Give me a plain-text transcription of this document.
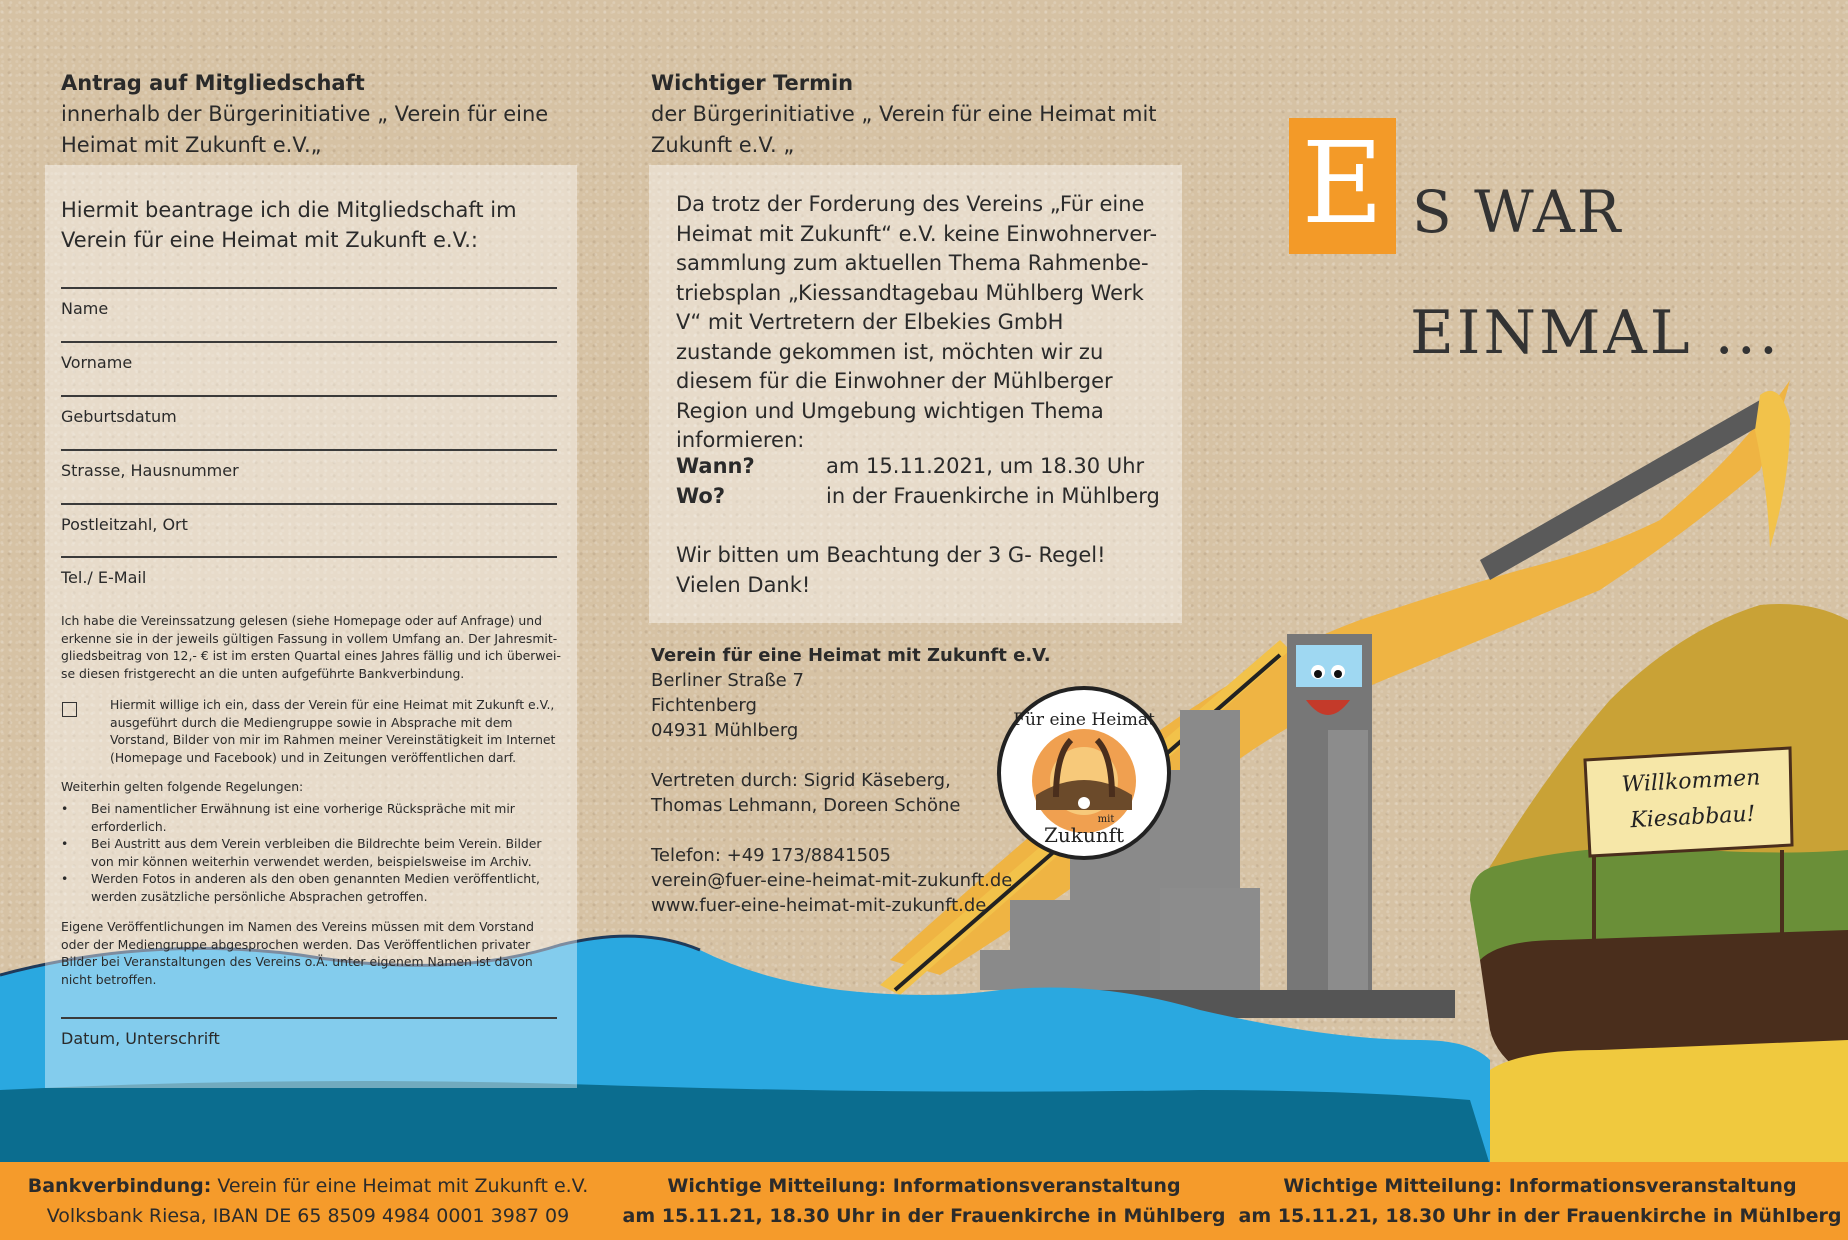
Antrag auf Mitgliedschaft
innerhalb der Bürgerinitiative „ Verein für eine Heimat mit Zukunft e.V.„
Hiermit beantrage ich die Mitgliedschaft im Verein für eine Heimat mit Zukunft e.V.:
Name
Vorname
Geburtsdatum
Strasse, Hausnummer
Postleitzahl, Ort
Tel./ E-Mail
Ich habe die Vereinssatzung gelesen (siehe Homepage oder auf Anfrage) und erkenne sie in der jeweils gültigen Fassung in vollem Umfang an. Der Jahresmit-gliedsbeitrag von 12,- € ist im ersten Quartal eines Jahres fällig und ich überwei-se diesen fristgerecht an die unten aufgeführte Bankverbindung.
Hiermit willige ich ein, dass der Verein für eine Heimat mit Zukunft e.V., ausgeführt durch die Mediengruppe sowie in Absprache mit dem Vorstand, Bilder von mir im Rahmen meiner Vereinstätigkeit im Internet (Homepage und Facebook) und in Zeitungen veröffentlichen darf.
Weiterhin gelten folgende Regelungen:
• Bei namentlicher Erwähnung ist eine vorherige Rückspräche mit mir erforderlich.
• Bei Austritt aus dem Verein verbleiben die Bildrechte beim Verein. Bilder von mir können weiterhin verwendet werden, beispielsweise im Archiv.
• Werden Fotos in anderen als den oben genannten Medien veröffentlicht, werden zusätzliche persönliche Absprachen getroffen.
Eigene Veröffentlichungen im Namen des Vereins müssen mit dem Vorstand oder der Mediengruppe abgesprochen werden. Das Veröffentlichen privater Bilder bei Veranstaltungen des Vereins o.Ä. unter eigenem Namen ist davon nicht betroffen.
Datum, Unterschrift
Wichtiger Termin
der Bürgerinitiative „ Verein für eine Heimat mit Zukunft e.V. „
Da trotz der Forderung des Vereins „Für eine Heimat mit Zukunft“ e.V. keine Einwohnerver-sammlung zum aktuellen Thema Rahmenbe-triebsplan „Kiessandtagebau Mühlberg Werk V“ mit Vertretern der Elbekies GmbH zustande gekommen ist, möchten wir zu diesem für die Einwohner der Mühlberger Region und Umgebung wichtigen Thema informieren:
Wann?	am 15.11.2021, um 18.30 Uhr
Wo?	in der Frauenkirche in Mühlberg
Wir bitten um Beachtung der 3 G- Regel!
Vielen Dank!
Verein für eine Heimat mit Zukunft e.V.
Berliner Straße 7
Fichtenberg
04931 Mühlberg
Vertreten durch: Sigrid Käseberg,
Thomas Lehmann, Doreen Schöne
Telefon: +49 173/8841505
verein@fuer-eine-heimat-mit-zukunft.de
www.fuer-eine-heimat-mit-zukunft.de
Für eine Heimat
mit
Zukunft
E S WAR
EINMAL ...
Willkommen
Kiesabbau!
Bankverbindung: Verein für eine Heimat mit Zukunft e.V.
Volksbank Riesa, IBAN DE 65 8509 4984 0001 3987 09
Wichtige Mitteilung: Informationsveranstaltung
am 15.11.21, 18.30 Uhr in der Frauenkirche in Mühlberg
Wichtige Mitteilung: Informationsveranstaltung
am 15.11.21, 18.30 Uhr in der Frauenkirche in Mühlberg
